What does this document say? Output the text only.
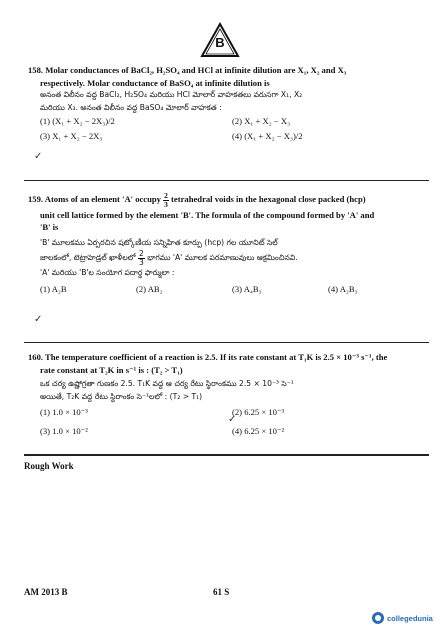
B
158. Molar conductances of BaCl₂, H₂SO₄ and HCl at infinite dilution are X₁, X₂ and X₃
respectively. Molar conductance of BaSO₄ at infinite dilution is
అనంత విలీనం వద్ద BaCl₂, H₂SO₄ మరియు HCl మోలార్ వాహకతలు వరుసగా X₁, X₂
మరియు X₃. అనంత విలీనం వద్ద BaSO₄ మోలార్ వాహకత :
(1) (X₁ + X₂ − 2X₃)/2	(2) X₁ + X₂ − X₃
(3) X₁ + X₂ − 2X₃	(4) (X₁ + X₂ − X₃)/2
✓
159. Atoms of an element 'A' occupy $\frac{2}{3}$ tetrahedral voids in the hexagonal close packed (hcp)
unit cell lattice formed by the element 'B'. The formula of the compound formed by 'A' and
'B' is
'B' మూలకము ఏర్పరచిన షట్కోణీయ సన్నిహిత కూర్పు (hcp) గల యూనిట్ సెల్
జాలకంలో, టెట్రాహెడ్రల్ ఖాళీలలో $\frac{2}{3}$ భాగము 'A' మూలక పరమాణువులు ఆక్రమించినవి.
'A' మరియు 'B'ల సంయోగ పదార్థ ఫార్ములా :
(1) A₂B	(2) AB₂	(3) A₄B₃	(4) A₂B₃
✓
160. The temperature coefficient of a reaction is 2.5. If its rate constant at T₁K is 2.5 × 10⁻³ s⁻¹, the
rate constant at T₂K in s⁻¹ is : (T₂ > T₁)
ఒక చర్య ఉష్ణోగ్రతా గుణకం 2.5. T₁K వద్ద ఆ చర్య రేటు స్థిరాంకము 2.5 × 10⁻³ సె⁻¹
అయితే, T₂K వద్ద రేటు స్థిరాంకం సె⁻¹లలో : (T₂ > T₁)
(1) 1.0 × 10⁻³	(2) 6.25 × 10⁻³
(3) 1.0 × 10⁻²	(4) 6.25 × 10⁻²
✓
Rough Work
AM 2013 B	61 S
collegedunia
